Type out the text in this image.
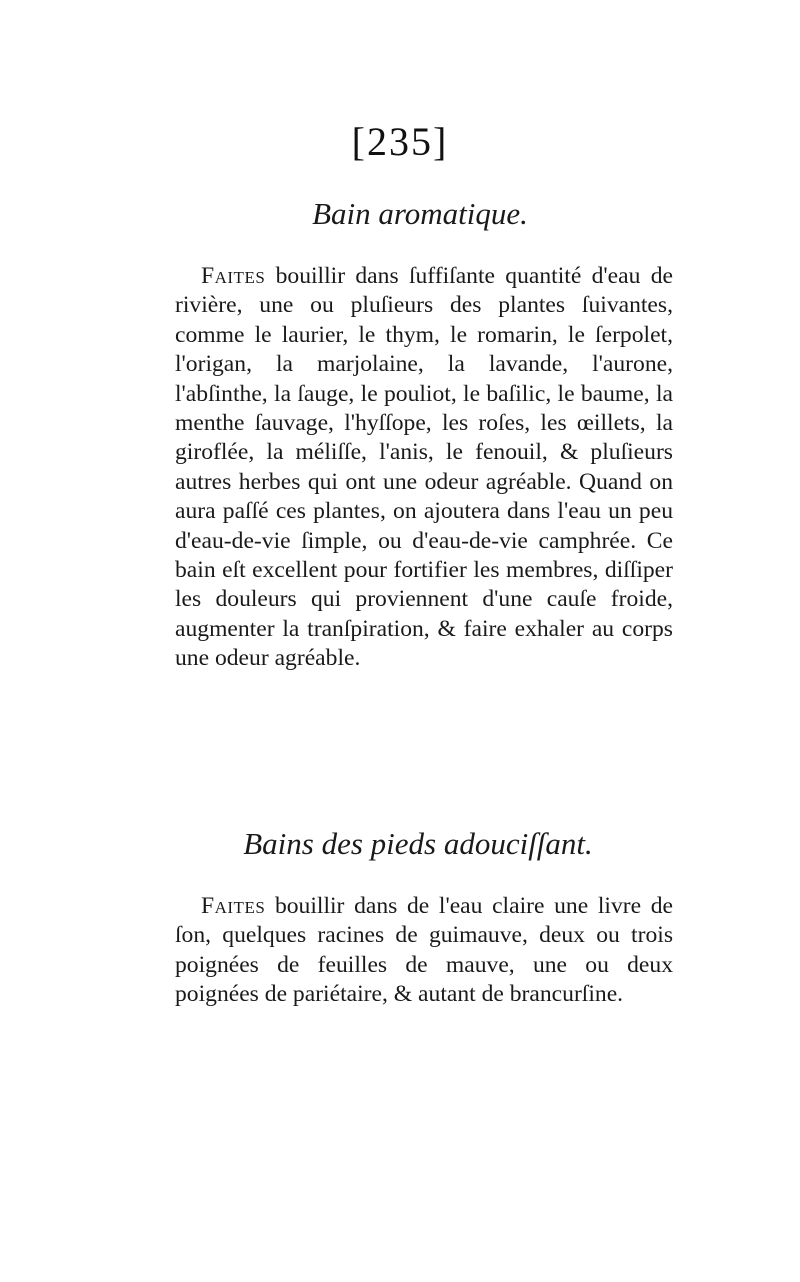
[235]
Bain aromatique.
Faites bouillir dans ſuffiſante quantité d'eau de rivière, une ou pluſieurs des plantes ſuivantes, comme le laurier, le thym, le romarin, le ſerpolet, l'origan, la marjolaine, la lavande, l'aurone, l'abſinthe, la ſauge, le pouliot, le baſilic, le baume, la menthe ſauvage, l'hyſſope, les roſes, les œillets, la giroflée, la méliſſe, l'anis, le fenouil, & pluſieurs autres herbes qui ont une odeur agréable. Quand on aura paſſé ces plantes, on ajoutera dans l'eau un peu d'eau-de-vie ſimple, ou d'eau-de-vie camphrée. Ce bain eſt excellent pour fortifier les membres, diſſiper les douleurs qui proviennent d'une cauſe froide, augmenter la tranſpiration, & faire exhaler au corps une odeur agréable.
Bains des pieds adouciſſant.
Faites bouillir dans de l'eau claire une livre de ſon, quelques racines de guimauve, deux ou trois poignées de feuilles de mauve, une ou deux poignées de pariétaire, & autant de brancurſine.
